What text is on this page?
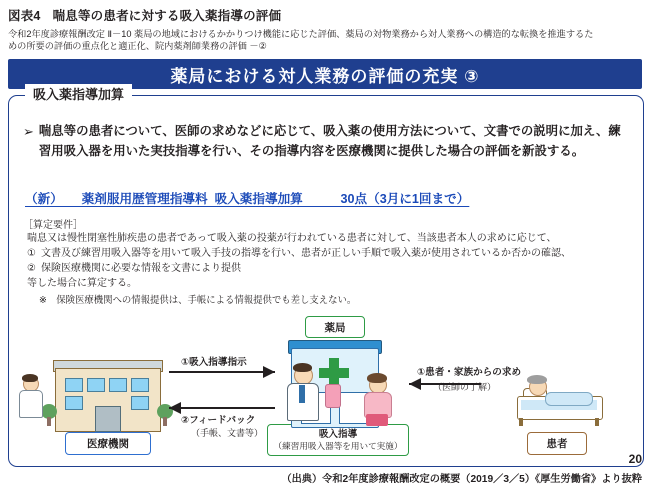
図表4 喘息等の患者に対する吸入薬指導の評価
令和2年度診療報酬改定 Ⅱ－10 薬局の地域におけるかかりつけ機能に応じた評価、薬局の対物業務から対人業務への構造的な転換を推進するた
めの所要の評価の重点化と適正化、院内薬剤師業務の評価 －②
薬局における対人業務の評価の充実 ③
吸入薬指導加算
➢ 喘息等の患者について、医師の求めなどに応じて、吸入薬の使用方法について、文書での説明に加え、練習用吸入器を用いた実技指導を行い、その指導内容を医療機関に提供した場合の評価を新設する。
（新）　　薬剤服用歴管理指導料  吸入薬指導加算　　　30点（3月に1回まで）
［算定要件］
喘息又は慢性閉塞性肺疾患の患者であって吸入薬の投薬が行われている患者に対して、当該患者本人の求めに応じて、
① 文書及び練習用吸入器等を用いて吸入手技の指導を行い、患者が正しい手順で吸入薬が使用されているか否かの確認、
② 保険医療機関に必要な情報を文書により提供
等した場合に算定する。
※　保険医療機関への情報提供は、手帳による情報提供でも差し支えない。
薬局
医療機関	患者
吸入指導
（練習用吸入器等を用いて実施）
①吸入指導指示
②フィードバック
（手帳、文書等）
①患者・家族からの求め
（医師の了解）
20
（出典）令和2年度診療報酬改定の概要（2019／3／5）《厚生労働省》より抜粋
